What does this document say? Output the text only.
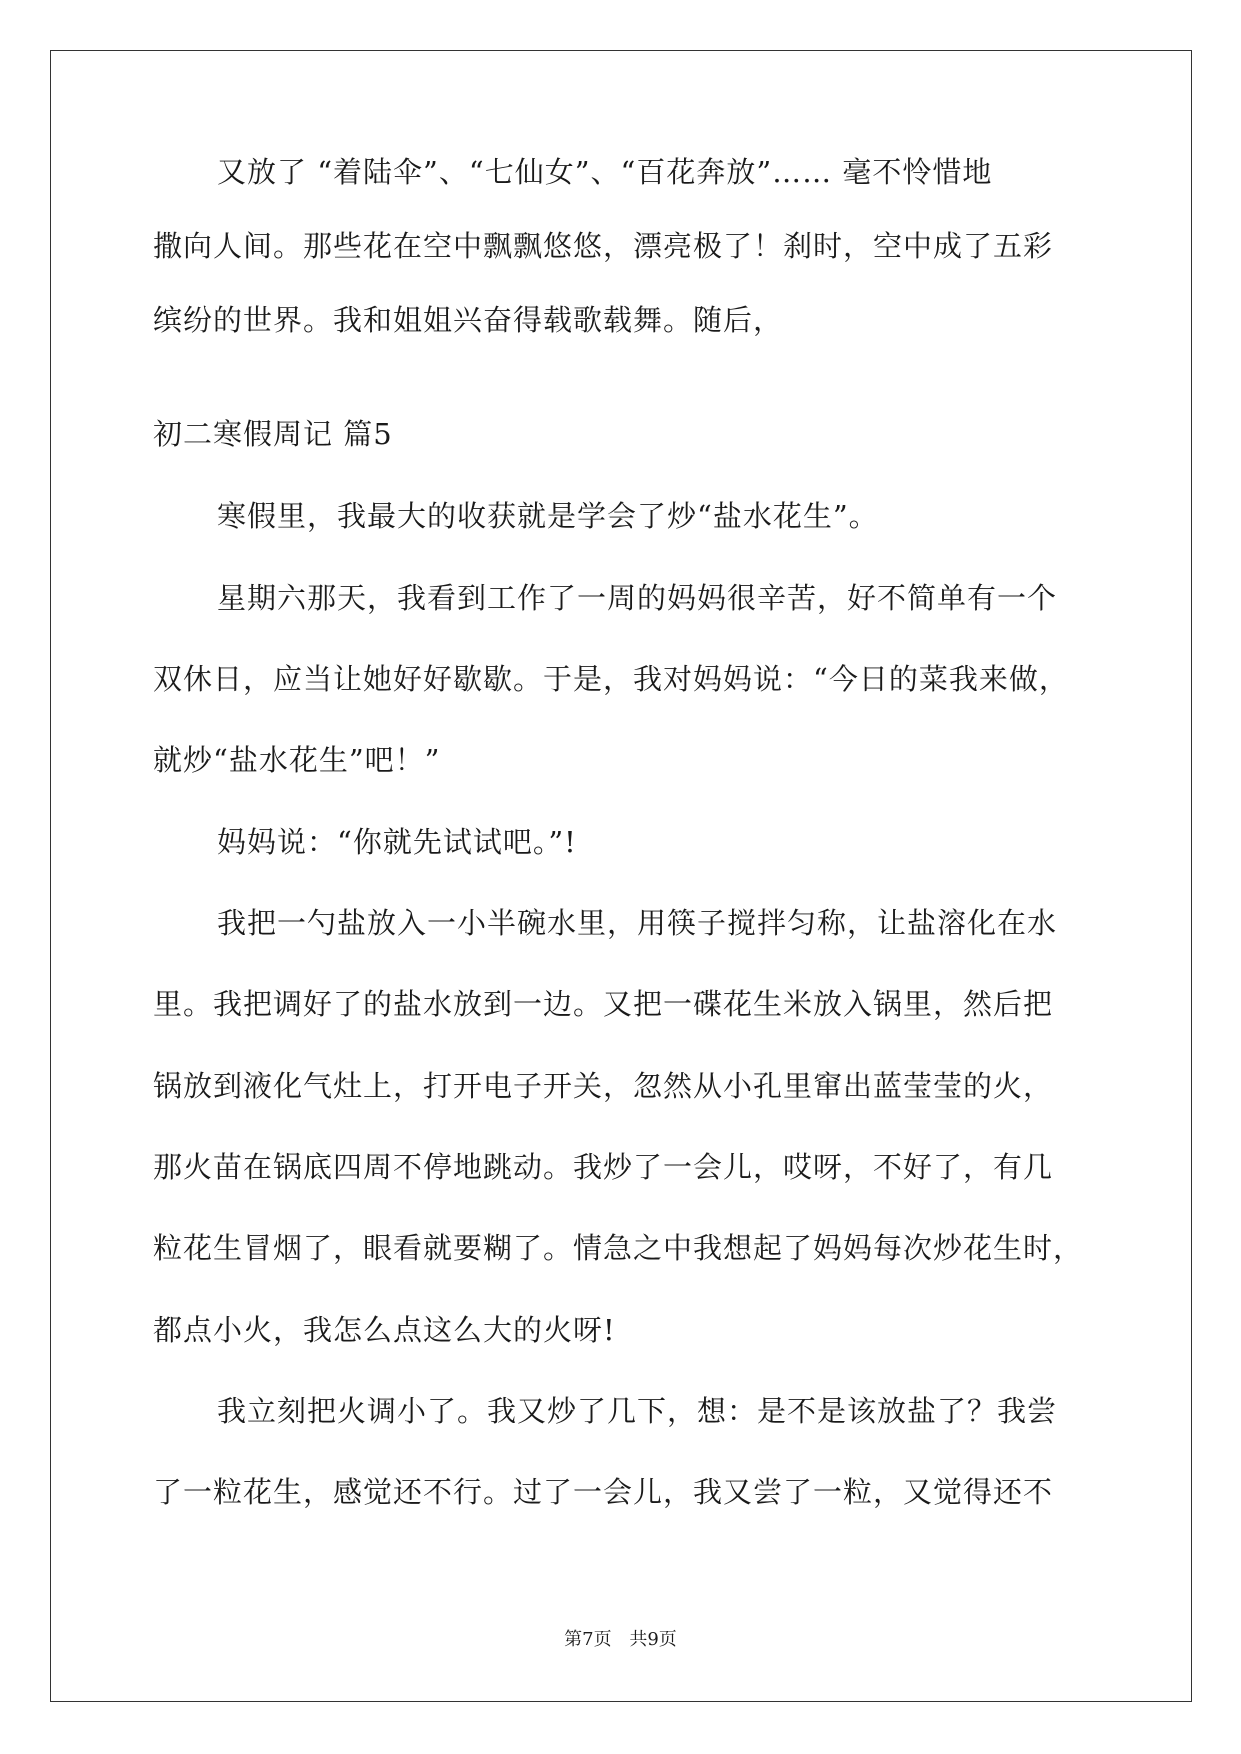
又放了 “着陆伞”、“七仙女”、“百花奔放”…… 毫不怜惜地
撒向人间。那些花在空中飘飘悠悠，漂亮极了！刹时，空中成了五彩
缤纷的世界。我和姐姐兴奋得载歌载舞。随后，
初二寒假周记 篇5
寒假里，我最大的收获就是学会了炒“盐水花生”。
星期六那天，我看到工作了一周的妈妈很辛苦，好不简单有一个
双休日，应当让她好好歇歇。于是，我对妈妈说：“今日的菜我来做，
就炒“盐水花生”吧！”
妈妈说：“你就先试试吧。”!
我把一勺盐放入一小半碗水里，用筷子搅拌匀称，让盐溶化在水
里。我把调好了的盐水放到一边。又把一碟花生米放入锅里，然后把
锅放到液化气灶上，打开电子开关，忽然从小孔里窜出蓝莹莹的火，
那火苗在锅底四周不停地跳动。我炒了一会儿，哎呀，不好了，有几
粒花生冒烟了，眼看就要糊了。情急之中我想起了妈妈每次炒花生时，
都点小火，我怎么点这么大的火呀!
我立刻把火调小了。我又炒了几下，想：是不是该放盐了？我尝
了一粒花生，感觉还不行。过了一会儿，我又尝了一粒，又觉得还不
第7页 共9页
